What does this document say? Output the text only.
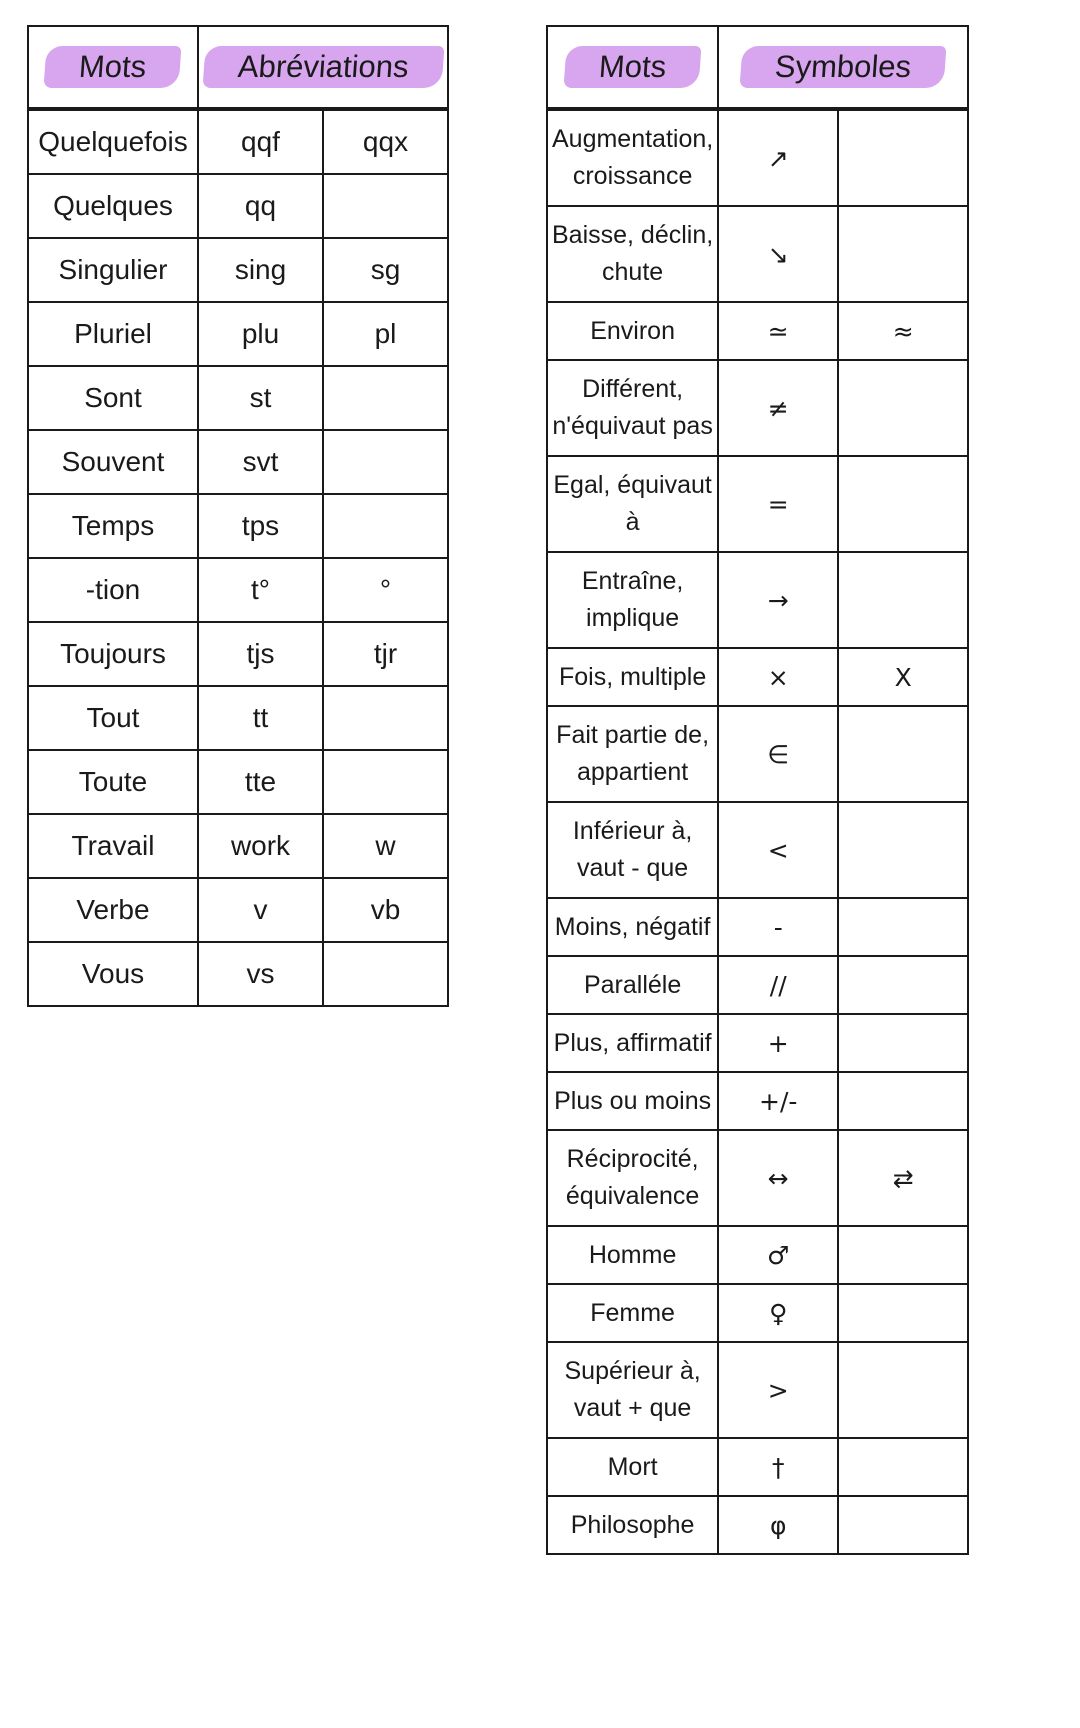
Mots	Abréviations	
Quelquefois	qqf	qqx
Quelques	qq	
Singulier	sing	sg
Pluriel	plu	pl
Sont	st	
Souvent	svt	
Temps	tps	
-tion	t°	°
Toujours	tjs	tjr
Tout	tt	
Toute	tte	
Travail	work	w
Verbe	v	vb
Vous	vs	
Mots	Symboles	
Augmentation, croissance	↗	
Baisse, déclin, chute	↘	
Environ	≃	≈
Différent, n'équivaut pas	≠	
Egal, équivaut à	=	
Entraîne, implique	→	
Fois, multiple	×	X
Fait partie de, appartient	∈	
Inférieur à, vaut - que	<	
Moins, négatif	-	
Paralléle	//	
Plus, affirmatif	+	
Plus ou moins	+/-	
Réciprocité, équivalence	↔	⇄
Homme	♂	
Femme	♀	
Supérieur à, vaut + que	>	
Mort	†	
Philosophe	φ	
